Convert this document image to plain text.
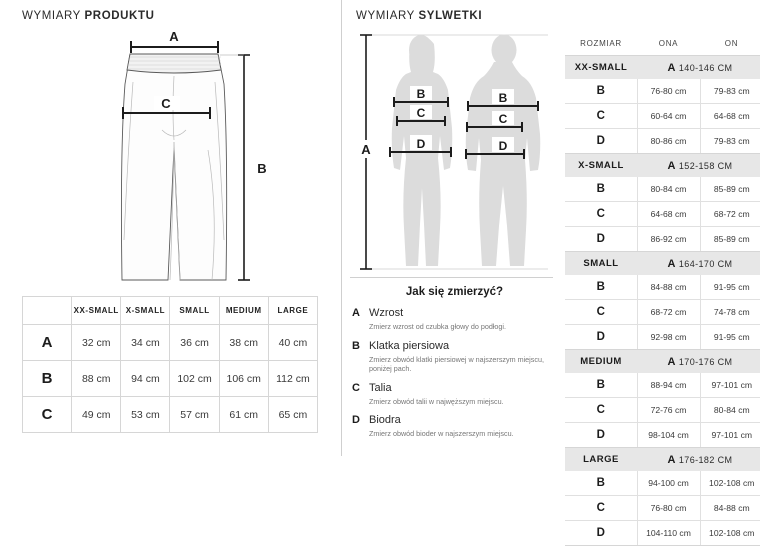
WYMIARY PRODUKTU
A
C
B
	XX-SMALL	X-SMALL	SMALL	MEDIUM	LARGE
A	32 cm	34 cm	36 cm	38 cm	40 cm
B	88 cm	94 cm	102 cm	106 cm	112 cm
C	49 cm	53 cm	57 cm	61 cm	65 cm
WYMIARY SYLWETKI
A
B
C
D
B
C
D
Jak się zmierzyć?
A Wzrost
Zmierz wzrost od czubka głowy do podłogi.
B Klatka piersiowa
Zmierz obwód klatki piersiowej w najszerszym miejscu, poniżej pach.
C Talia
Zmierz obwód talii w najwęższym miejscu.
D Biodra
Zmierz obwód bioder w najszerszym miejscu.
ROZMIAR	ONA	ON
XX-SMALL	A 140-146 CM	
B	76-80 cm	79-83 cm
C	60-64 cm	64-68 cm
D	80-86 cm	79-83 cm
X-SMALL	A 152-158 CM	
B	80-84 cm	85-89 cm
C	64-68 cm	68-72 cm
D	86-92 cm	85-89 cm
SMALL	A 164-170 CM	
B	84-88 cm	91-95 cm
C	68-72 cm	74-78 cm
D	92-98 cm	91-95 cm
MEDIUM	A 170-176 CM	
B	88-94 cm	97-101 cm
C	72-76 cm	80-84 cm
D	98-104 cm	97-101 cm
LARGE	A 176-182 CM	
B	94-100 cm	102-108 cm
C	76-80 cm	84-88 cm
D	104-110 cm	102-108 cm
